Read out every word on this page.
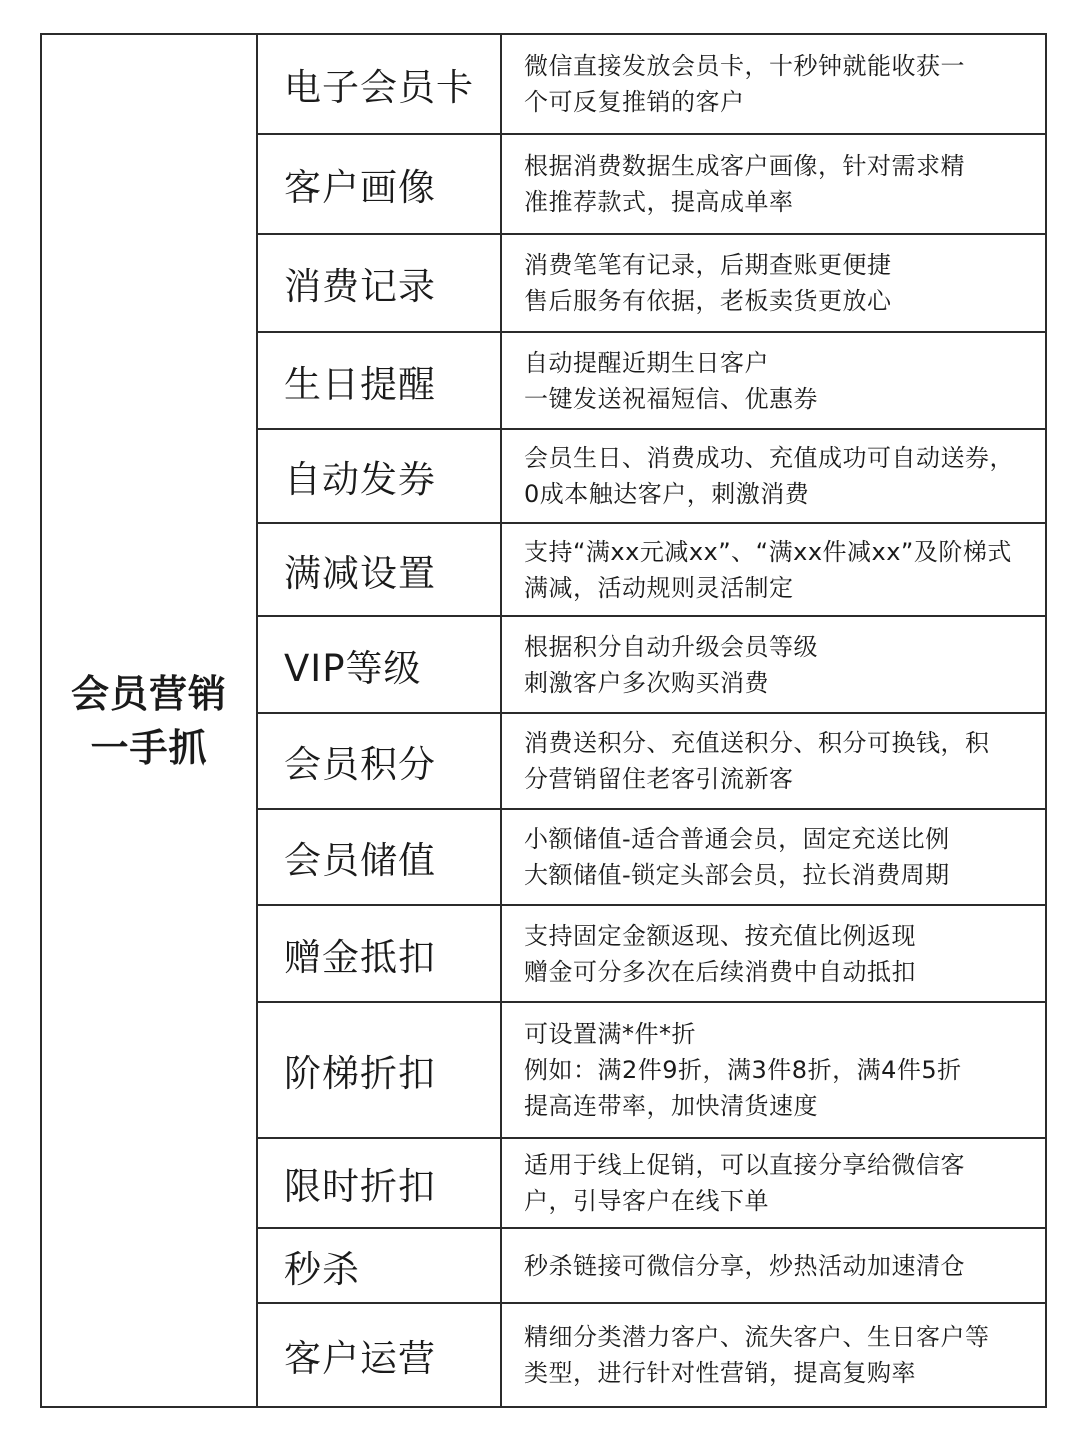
会员营销
一手抓	电子会员卡	微信直接发放会员卡，十秒钟就能收获一
个可反复推销的客户

	客户画像	根据消费数据生成客户画像，针对需求精
准推荐款式，提高成单率

	消费记录	消费笔笔有记录，后期查账更便捷
售后服务有依据，老板卖货更放心

	生日提醒	自动提醒近期生日客户
一键发送祝福短信、优惠券

	自动发券	会员生日、消费成功、充值成功可自动送券，
0成本触达客户，刺激消费

	满减设置	支持“满xx元减xx”、“满xx件减xx”及阶梯式
满减，活动规则灵活制定

	VIP等级	根据积分自动升级会员等级
刺激客户多次购买消费

	会员积分	消费送积分、充值送积分、积分可换钱，积
分营销留住老客引流新客

	会员储值	小额储值-适合普通会员，固定充送比例
大额储值-锁定头部会员，拉长消费周期

	赠金抵扣	支持固定金额返现、按充值比例返现
赠金可分多次在后续消费中自动抵扣

	阶梯折扣	可设置满*件*折
例如：满2件9折，满3件8折，满4件5折
提高连带率，加快清货速度

	限时折扣	适用于线上促销，可以直接分享给微信客
户，引导客户在线下单

	秒杀	秒杀链接可微信分享，炒热活动加速清仓

	客户运营	精细分类潜力客户、流失客户、生日客户等
类型，进行针对性营销，提高复购率
